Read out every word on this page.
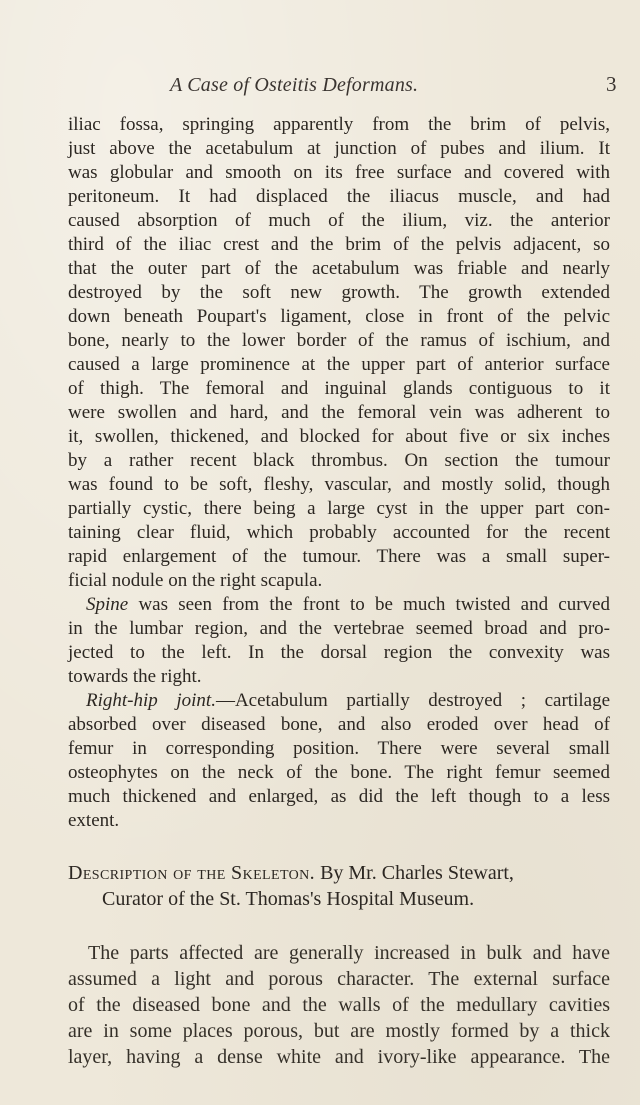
A Case of Osteitis Deformans.	3
iliac fossa, springing apparently from the brim of pelvis,
just above the acetabulum at junction of pubes and ilium. It
was globular and smooth on its free surface and covered with
peritoneum. It had displaced the iliacus muscle, and had
caused absorption of much of the ilium, viz. the anterior
third of the iliac crest and the brim of the pelvis adjacent, so
that the outer part of the acetabulum was friable and nearly
destroyed by the soft new growth. The growth extended
down beneath Poupart's ligament, close in front of the pelvic
bone, nearly to the lower border of the ramus of ischium, and
caused a large prominence at the upper part of anterior surface
of thigh. The femoral and inguinal glands contiguous to it
were swollen and hard, and the femoral vein was adherent to
it, swollen, thickened, and blocked for about five or six inches
by a rather recent black thrombus. On section the tumour
was found to be soft, fleshy, vascular, and mostly solid, though
partially cystic, there being a large cyst in the upper part con-
taining clear fluid, which probably accounted for the recent
rapid enlargement of the tumour. There was a small super-
ficial nodule on the right scapula.
Spine was seen from the front to be much twisted and curved
in the lumbar region, and the vertebrae seemed broad and pro-
jected to the left. In the dorsal region the convexity was
towards the right.
Right-hip joint.—Acetabulum partially destroyed ; cartilage
absorbed over diseased bone, and also eroded over head of
femur in corresponding position. There were several small
osteophytes on the neck of the bone. The right femur seemed
much thickened and enlarged, as did the left though to a less
extent.
Description of the Skeleton. By Mr. Charles Stewart,
Curator of the St. Thomas's Hospital Museum.
The parts affected are generally increased in bulk and have
assumed a light and porous character. The external surface
of the diseased bone and the walls of the medullary cavities
are in some places porous, but are mostly formed by a thick
layer, having a dense white and ivory-like appearance. The
